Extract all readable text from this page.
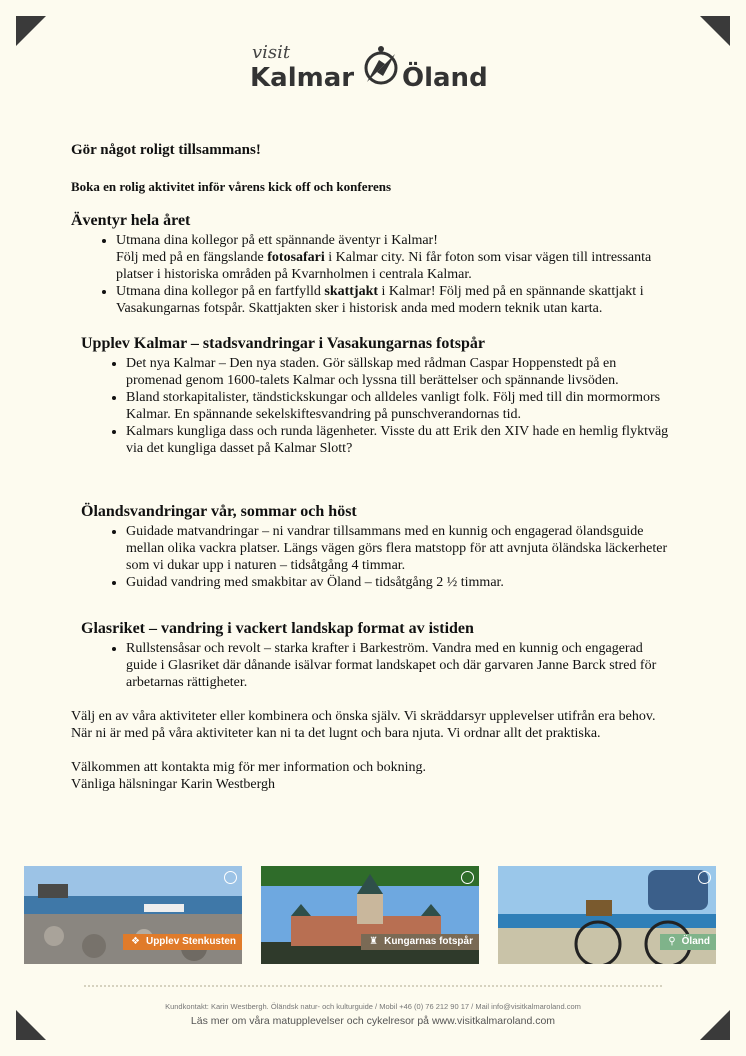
visit
Kalmar Öland
Gör något roligt tillsammans!
Boka en rolig aktivitet inför vårens kick off och konferens
Äventyr hela året
• Utmana dina kollegor på ett spännande äventyr i Kalmar!
Följ med på en fängslande fotosafari i Kalmar city. Ni får foton som visar vägen till intressanta platser i historiska områden på Kvarnholmen i centrala Kalmar.
• Utmana dina kollegor på en fartfylld skattjakt i Kalmar! Följ med på en spännande skattjakt i Vasakungarnas fotspår. Skattjakten sker i historisk anda med modern teknik utan karta.
Upplev Kalmar – stadsvandringar i Vasakungarnas fotspår
• Det nya Kalmar – Den nya staden. Gör sällskap med rådman Caspar Hoppenstedt på en promenad genom 1600-talets Kalmar och lyssna till berättelser och spännande livsöden.
• Bland storkapitalister, tändstickskungar och alldeles vanligt folk. Följ med till din mormormors Kalmar. En spännande sekelskiftesvandring på punschverandornas tid.
• Kalmars kungliga dass och runda lägenheter. Visste du att Erik den XIV hade en hemlig flyktväg via det kungliga dasset på Kalmar Slott?
Ölandsvandringar vår, sommar och höst
• Guidade matvandringar – ni vandrar tillsammans med en kunnig och engagerad ölandsguide mellan olika vackra platser. Längs vägen görs flera matstopp för att avnjuta öländska läckerheter som vi dukar upp i naturen – tidsåtgång 4 timmar.
• Guidad vandring med smakbitar av Öland – tidsåtgång 2 ½ timmar.
Glasriket – vandring i vackert landskap format av istiden
• Rullstensåsar och revolt – starka krafter i Barkeström. Vandra med en kunnig och engagerad guide i Glasriket där dånande isälvar format landskapet och där garvaren Janne Barck stred för arbetarnas rättigheter.

Välj en av våra aktiviteter eller kombinera och önska själv. Vi skräddarsyr upplevelser utifrån era behov. När ni är med på våra aktiviteter kan ni ta det lugnt och bara njuta. Vi ordnar allt det praktiska.

Välkommen att kontakta mig för mer information och bokning.

Vänliga hälsningar Karin Westbergh

❖ Upplev Stenkusten	♜ Kungarnas fotspår	⚲ Öland
Kundkontakt: Karin Westbergh. Öländsk natur- och kulturguide / Mobil +46 (0) 76 212 90 17 / Mail info@visitkalmaroland.com
Läs mer om våra matupplevelser och cykelresor på www.visitkalmaroland.com
